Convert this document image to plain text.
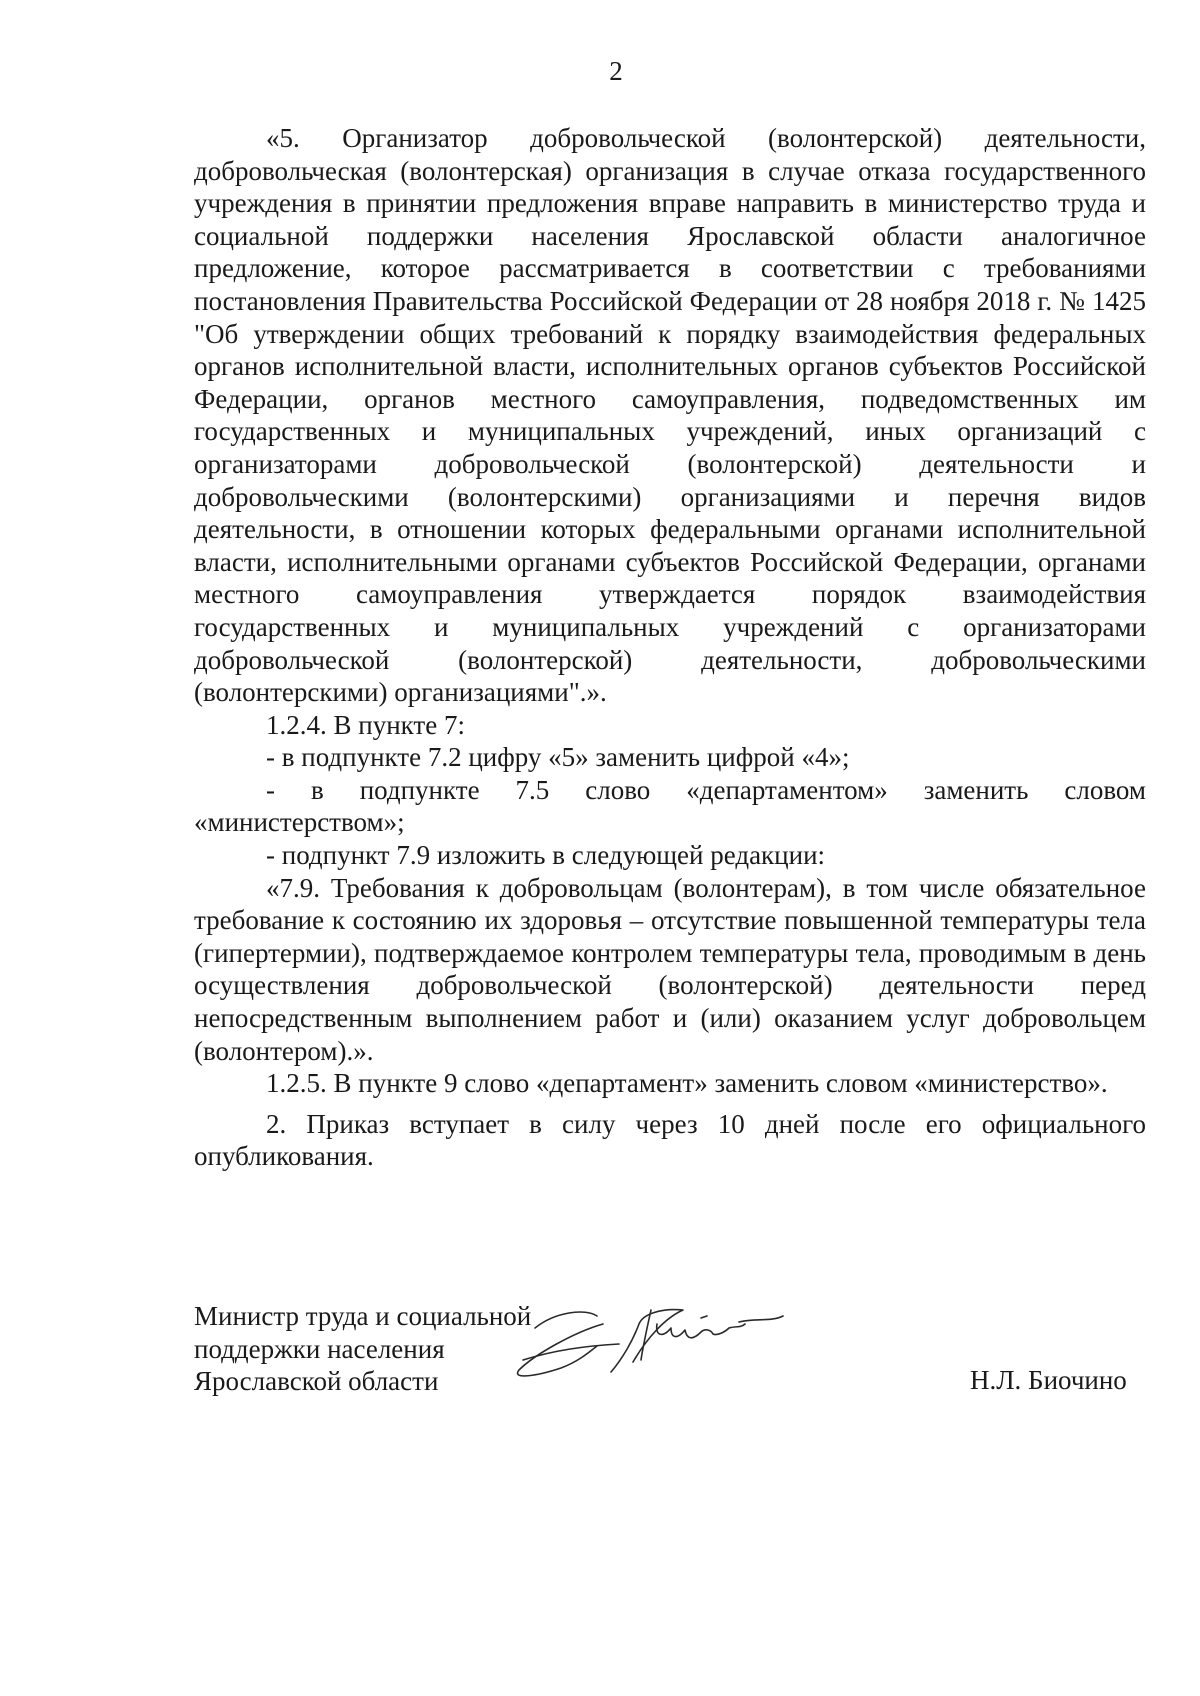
2

«5. Организатор добровольческой (волонтерской) деятельности, добровольческая (волонтерская) организация в случае отказа государственного учреждения в принятии предложения вправе направить в министерство труда и социальной поддержки населения Ярославской области аналогичное предложение, которое рассматривается в соответствии с требованиями постановления Правительства Российской Федерации от 28 ноября 2018 г. № 1425 "Об утверждении общих требований к порядку взаимодействия федеральных органов исполнительной власти, исполнительных органов субъектов Российской Федерации, органов местного самоуправления, подведомственных им государственных и муниципальных учреждений, иных организаций с организаторами добровольческой (волонтерской) деятельности и добровольческими (волонтерскими) организациями и перечня видов деятельности, в отношении которых федеральными органами исполнительной власти, исполнительными органами субъектов Российской Федерации, органами местного самоуправления утверждается порядок взаимодействия государственных и муниципальных учреждений с организаторами добровольческой (волонтерской) деятельности, добровольческими (волонтерскими) организациями".».

1.2.4. В пункте 7:

- в подпункте 7.2 цифру «5» заменить цифрой «4»;

- в подпункте 7.5 слово «департаментом» заменить словом «министерством»;

- подпункт 7.9 изложить в следующей редакции:

«7.9. Требования к добровольцам (волонтерам), в том числе обязательное требование к состоянию их здоровья – отсутствие повышенной температуры тела (гипертермии), подтверждаемое контролем температуры тела, проводимым в день осуществления добровольческой (волонтерской) деятельности перед непосредственным выполнением работ и (или) оказанием услуг добровольцем (волонтером).».

1.2.5. В пункте 9 слово «департамент» заменить словом «министерство».

2. Приказ вступает в силу через 10 дней после его официального опубликования.

Министр труда и социальной
поддержки населения
Ярославской области	Н.Л. Биочино
